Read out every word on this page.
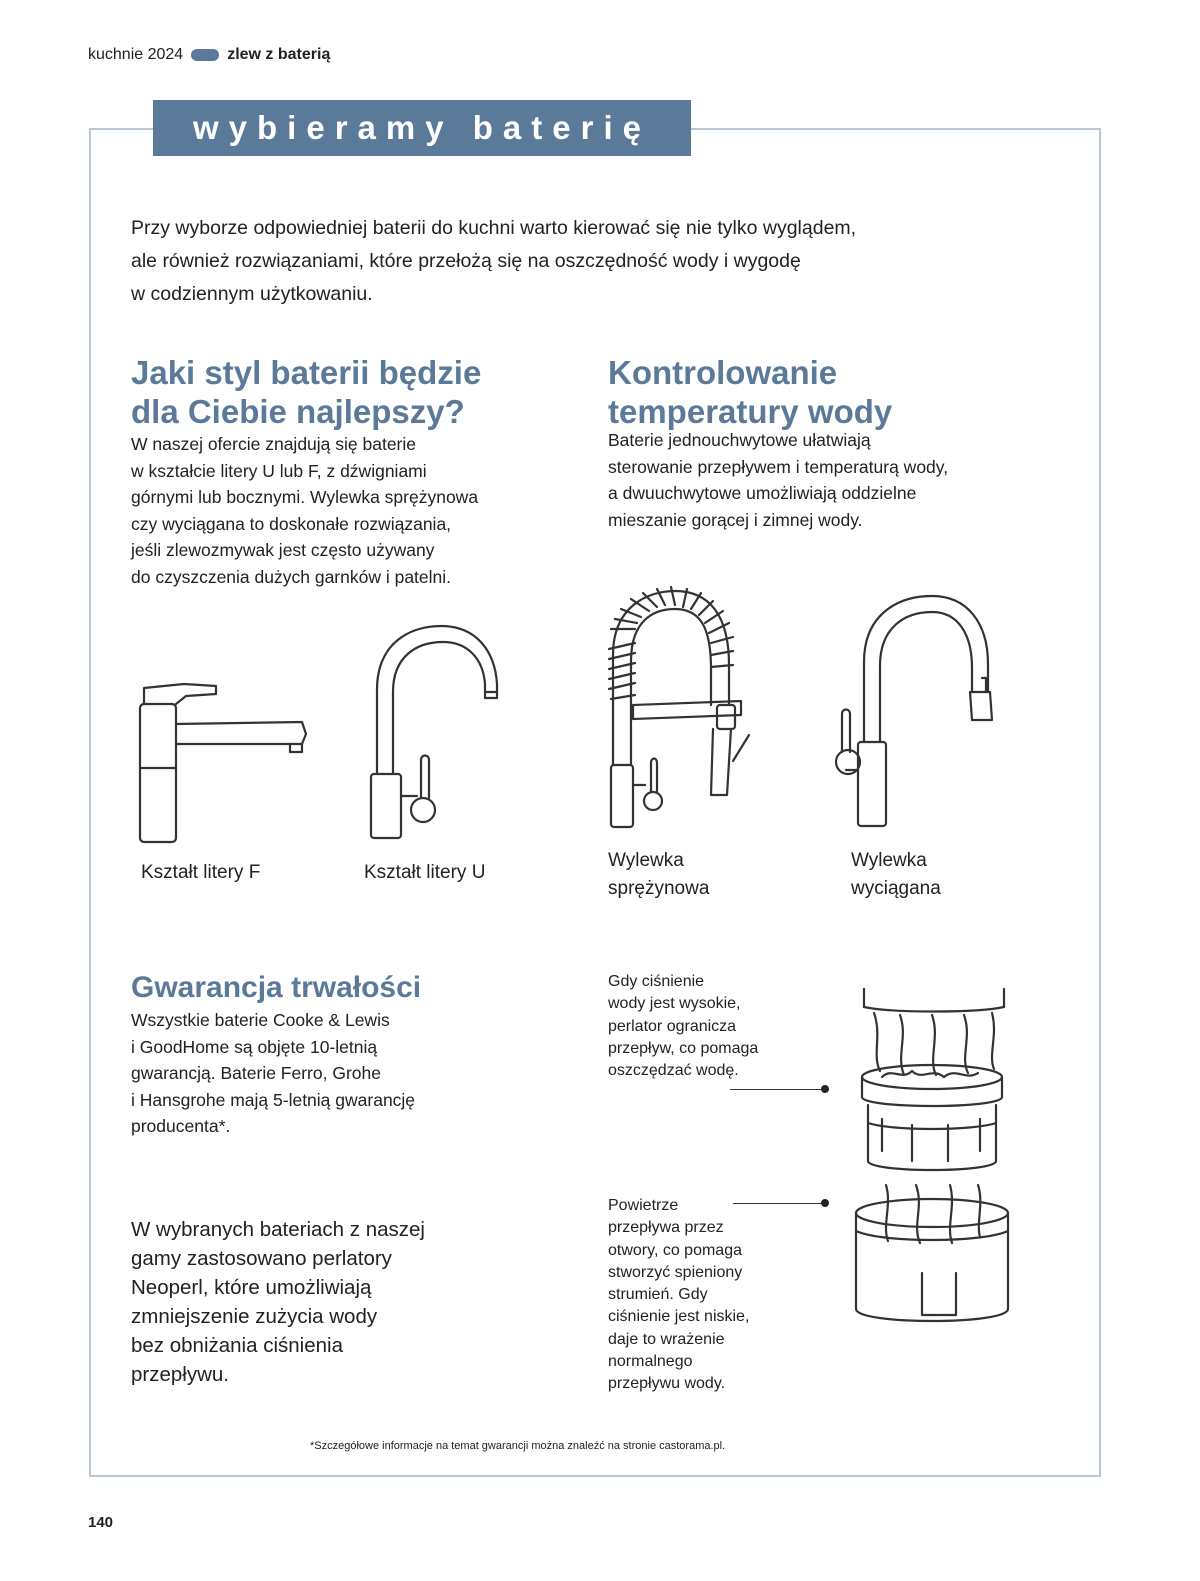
kuchnie 2024	zlew z baterią
wybieramy baterię
Przy wyborze odpowiedniej baterii do kuchni warto kierować się nie tylko wyglądem,
ale również rozwiązaniami, które przełożą się na oszczędność wody i wygodę
w codziennym użytkowaniu.
Jaki styl baterii będzie
dla Ciebie najlepszy?
W naszej ofercie znajdują się baterie
w kształcie litery U lub F, z dźwigniami
górnymi lub bocznymi. Wylewka sprężynowa
czy wyciągana to doskonałe rozwiązania,
jeśli zlewozmywak jest często używany
do czyszczenia dużych garnków i patelni.
Kontrolowanie
temperatury wody
Baterie jednouchwytowe ułatwiają
sterowanie przepływem i temperaturą wody,
a dwuuchwytowe umożliwiają oddzielne
mieszanie gorącej i zimnej wody.
Kształt litery F	Kształt litery U
Wylewka
sprężynowa
Wylewka
wyciągana
Gwarancja trwałości
Wszystkie baterie Cooke & Lewis
i GoodHome są objęte 10-letnią
gwarancją. Baterie Ferro, Grohe
i Hansgrohe mają 5-letnią gwarancję
producenta*.
W wybranych bateriach z naszej
gamy zastosowano perlatory
Neoperl, które umożliwiają
zmniejszenie zużycia wody
bez obniżania ciśnienia
przepływu.
Gdy ciśnienie
wody jest wysokie,
perlator ogranicza
przepływ, co pomaga
oszczędzać wodę.
Powietrze
przepływa przez
otwory, co pomaga
stworzyć spieniony
strumień. Gdy
ciśnienie jest niskie,
daje to wrażenie
normalnego
przepływu wody.
*Szczegółowe informacje na temat gwarancji można znaleźć na stronie castorama.pl.
140
